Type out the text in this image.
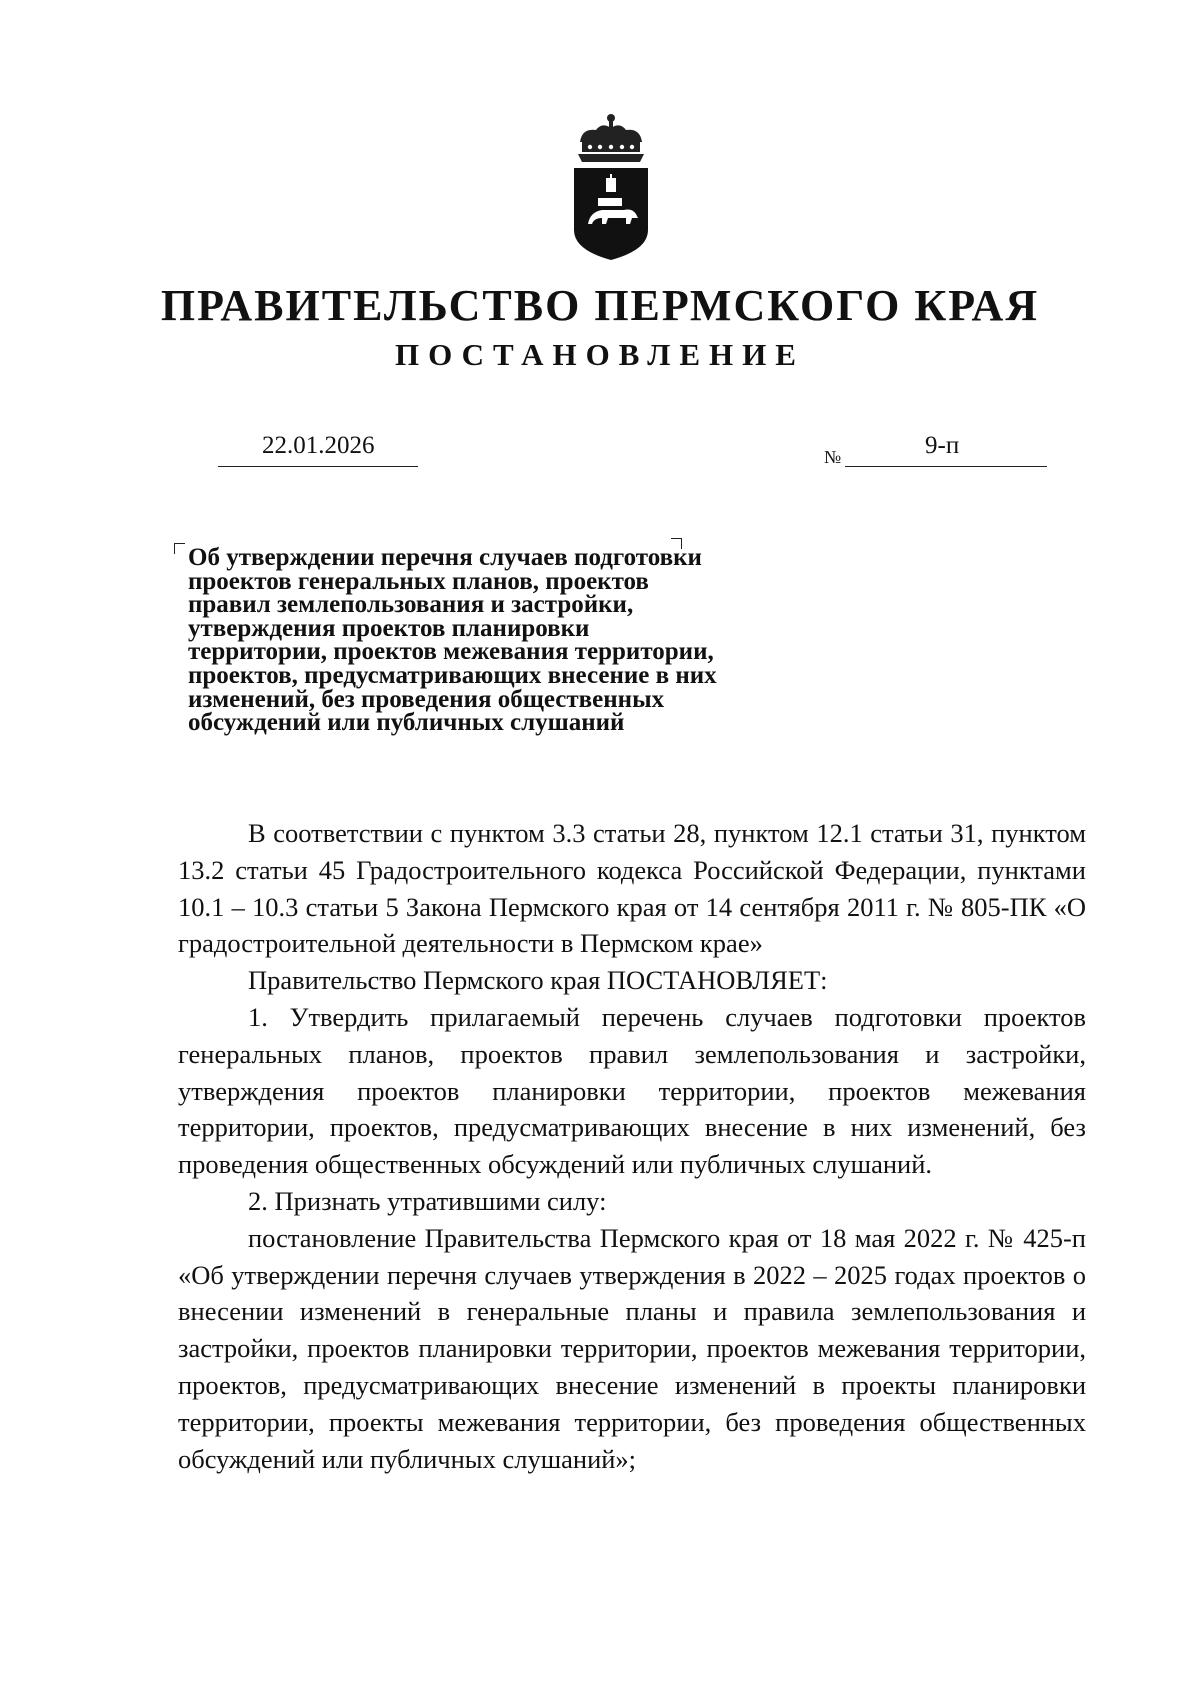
ПРАВИТЕЛЬСТВО ПЕРМСКОГО КРАЯ
ПОСТАНОВЛЕНИЕ
22.01.2026	№	9-п
Об утверждении перечня случаев подготовки
проектов генеральных планов, проектов
правил землепользования и застройки,
утверждения проектов планировки
территории, проектов межевания территории,
проектов, предусматривающих внесение в них
изменений, без проведения общественных
обсуждений или публичных слушаний

В соответствии с пунктом 3.3 статьи 28, пунктом 12.1 статьи 31, пунктом 13.2 статьи 45 Градостроительного кодекса Российской Федерации, пунктами 10.1 – 10.3 статьи 5 Закона Пермского края от 14 сентября 2011 г. № 805-ПК «О градостроительной деятельности в Пермском крае»

Правительство Пермского края ПОСТАНОВЛЯЕТ:

1. Утвердить прилагаемый перечень случаев подготовки проектов генеральных планов, проектов правил землепользования и застройки, утверждения проектов планировки территории, проектов межевания территории, проектов, предусматривающих внесение в них изменений, без проведения общественных обсуждений или публичных слушаний.

2. Признать утратившими силу:

постановление Правительства Пермского края от 18 мая 2022 г. № 425-п «Об утверждении перечня случаев утверждения в 2022 – 2025 годах проектов о внесении изменений в генеральные планы и правила землепользования и застройки, проектов планировки территории, проектов межевания территории, проектов, предусматривающих внесение изменений в проекты планировки территории, проекты межевания территории, без проведения общественных обсуждений или публичных слушаний»;
